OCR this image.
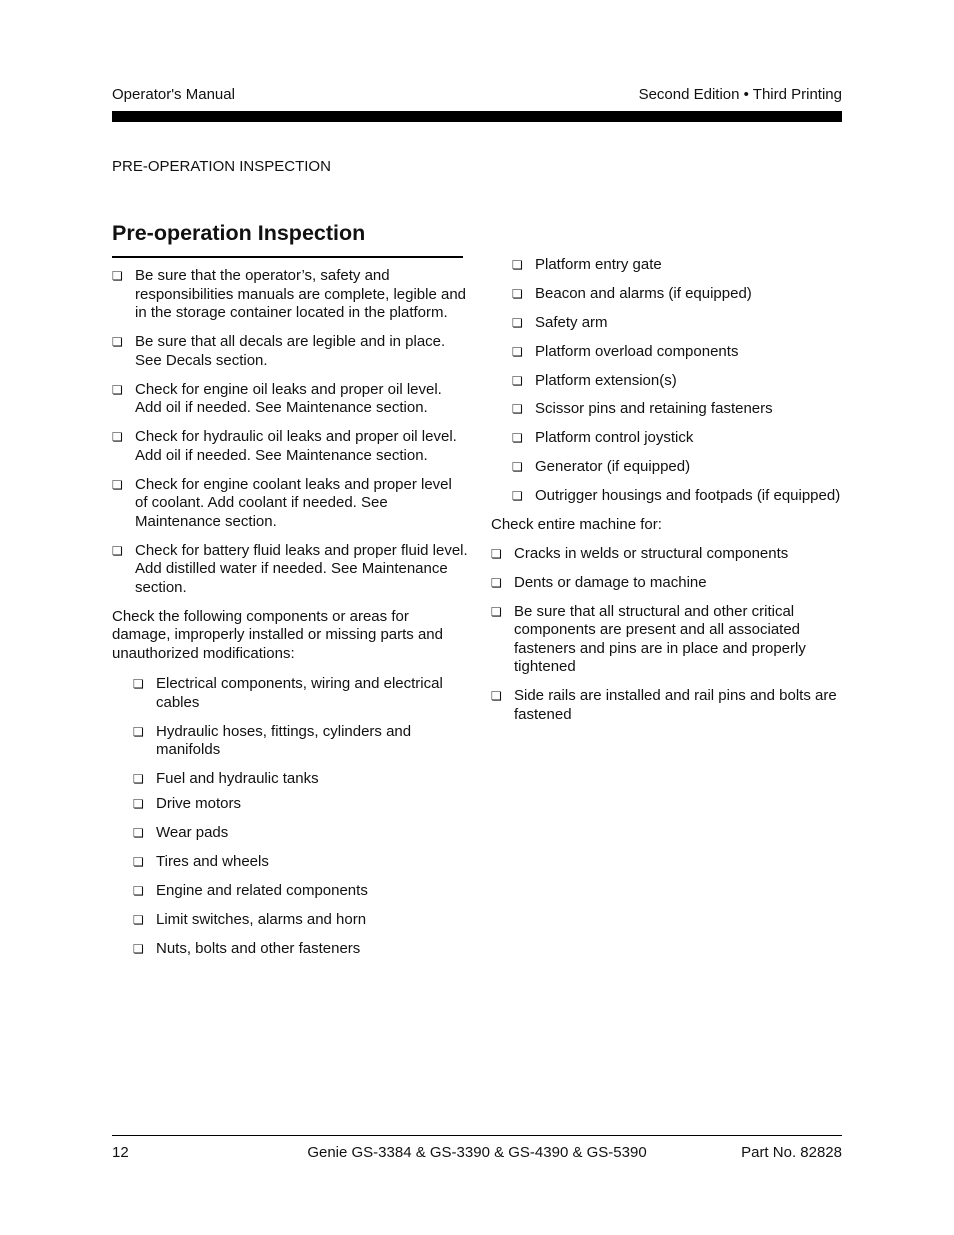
Operator's Manual	Second Edition • Third Printing
PRE-OPERATION INSPECTION
Pre-operation Inspection
❏ Be sure that the operator’s, safety and responsibilities manuals are complete, legible and in the storage container located in the platform.
❏ Be sure that all decals are legible and in place. See Decals section.
❏ Check for engine oil leaks and proper oil level. Add oil if needed. See Maintenance section.
❏ Check for hydraulic oil leaks and proper oil level. Add oil if needed. See Maintenance section.
❏ Check for engine coolant leaks and proper level of coolant. Add coolant if needed. See Maintenance section.
❏ Check for battery fluid leaks and proper fluid level. Add distilled water if needed. See Maintenance section.
Check the following components or areas for damage, improperly installed or missing parts and unauthorized modifications:
❏ Electrical components, wiring and electrical cables
❏ Hydraulic hoses, fittings, cylinders and manifolds
❏ Fuel and hydraulic tanks
❏ Drive motors
❏ Wear pads
❏ Tires and wheels
❏ Engine and related components
❏ Limit switches, alarms and horn
❏ Nuts, bolts and other fasteners
❏ Platform entry gate
❏ Beacon and alarms (if equipped)
❏ Safety arm
❏ Platform overload components
❏ Platform extension(s)
❏ Scissor pins and retaining fasteners
❏ Platform control joystick
❏ Generator (if equipped)
❏ Outrigger housings and footpads (if equipped)
Check entire machine for:
❏ Cracks in welds or structural components
❏ Dents or damage to machine
❏ Be sure that all structural and other critical components are present and all associated fasteners and pins are in place and properly tightened
❏ Side rails are installed and rail pins and bolts are fastened
12	Genie GS-3384 & GS-3390 & GS-4390 & GS-5390	Part No. 82828
